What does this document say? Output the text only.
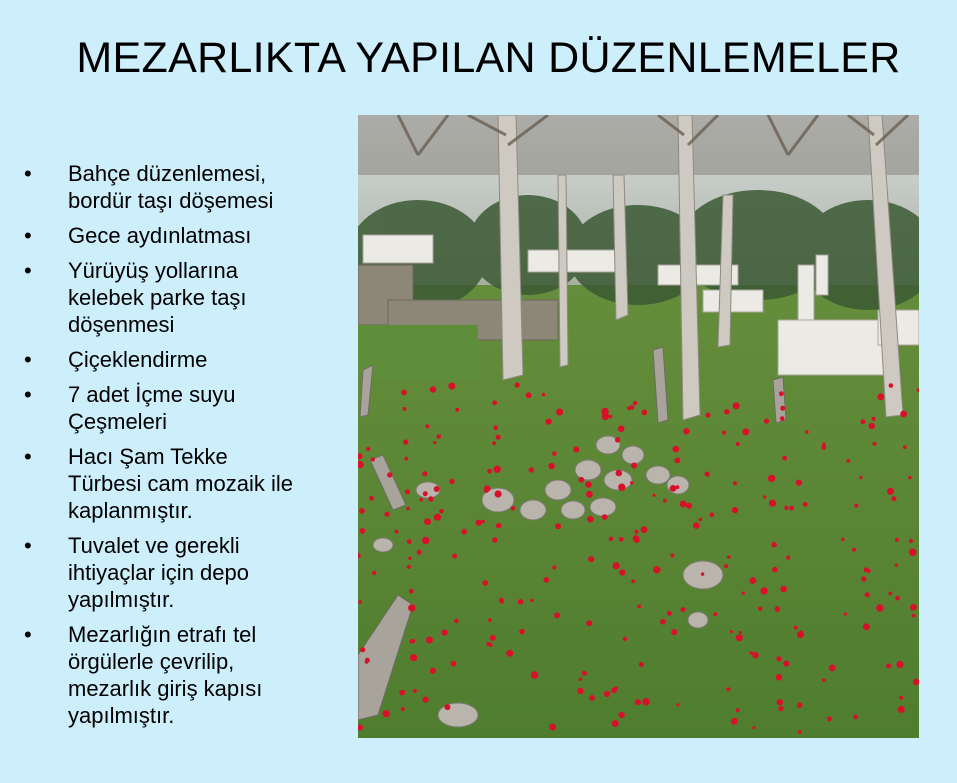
MEZARLIKTA YAPILAN DÜZENLEMELER
• Bahçe düzenlemesi,
bordür taşı döşemesi
• Gece aydınlatması
• Yürüyüş yollarına
kelebek parke taşı
döşenmesi
• Çiçeklendirme
• 7 adet İçme suyu
Çeşmeleri
• Hacı Şam Tekke
Türbesi cam mozaik ile
kaplanmıştır.
• Tuvalet ve gerekli
ihtiyaçlar için depo
yapılmıştır.
• Mezarlığın etrafı tel
örgülerle çevrilip,
mezarlık giriş kapısı
yapılmıştır.
